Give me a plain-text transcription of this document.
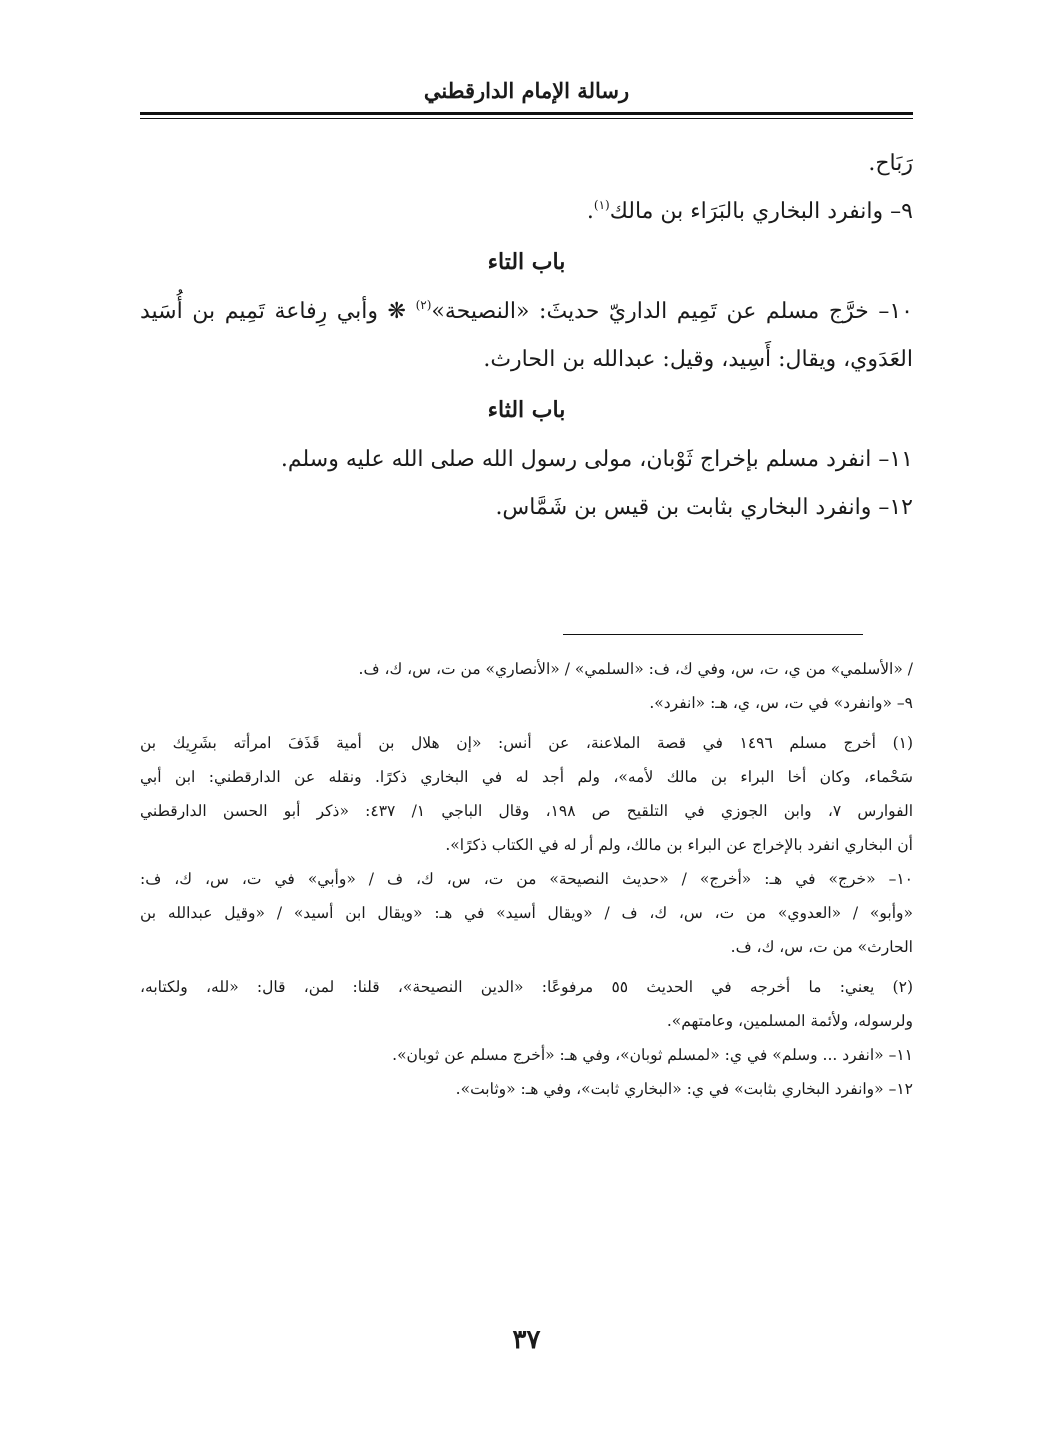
رسالة الإمام الدارقطني
رَبَاح.
٩– وانفرد البخاري بالبَرَاء بن مالك$^{(١)}$.
باب التاء
١٠– خرَّج مسلم عن تَمِيم الداريّ حديثَ: «النصيحة»$^{(٢)}$ ❋ وأبي رِفاعة تَمِيم بن أُسَيد
العَدَوي، ويقال: أَسِيد، وقيل: عبدالله بن الحارث.
باب الثاء
١١– انفرد مسلم بإخراج ثَوْبان، مولى رسول الله صلى الله عليه وسلم.
١٢– وانفرد البخاري بثابت بن قيس بن شَمَّاس.
/ «الأسلمي» من ي، ت، س، وفي ك، ف: «السلمي» / «الأنصاري» من ت، س، ك، ف.
٩– «وانفرد» في ت، س، ي، هـ: «انفرد».
(١) أخرج مسلم ١٤٩٦ في قصة الملاعنة، عن أنس: «إن هلال بن أمية قَذَفَ امرأته بشَرِيك بن
سَحْماء، وكان أخا البراء بن مالك لأمه»، ولم أجد له في البخاري ذكرًا. ونقله عن الدارقطني: ابن أبي
الفوارس ٧، وابن الجوزي في التلقيح ص ١٩٨، وقال الباجي ١/ ٤٣٧: «ذكر أبو الحسن الدارقطني
أن البخاري انفرد بالإخراج عن البراء بن مالك، ولم أر له في الكتاب ذكرًا».
١٠– «خرج» في هـ: «أخرج» / «حديث النصيحة» من ت، س، ك، ف / «وأبي» في ت، س، ك، ف:
«وأبو» / «العدوي» من ت، س، ك، ف / «ويقال أسيد» في هـ: «ويقال ابن أسيد» / «وقيل عبدالله بن
الحارث» من ت، س، ك، ف.
(٢) يعني: ما أخرجه في الحديث ٥٥ مرفوعًا: «الدين النصيحة»، قلنا: لمن، قال: «لله، ولكتابه،
ولرسوله، ولأئمة المسلمين، وعامتهم».
١١– «انفرد ... وسلم» في ي: «لمسلم ثوبان»، وفي هـ: «أخرج مسلم عن ثوبان».
١٢– «وانفرد البخاري بثابت» في ي: «البخاري ثابت»، وفي هـ: «وثابت».
٣٧
